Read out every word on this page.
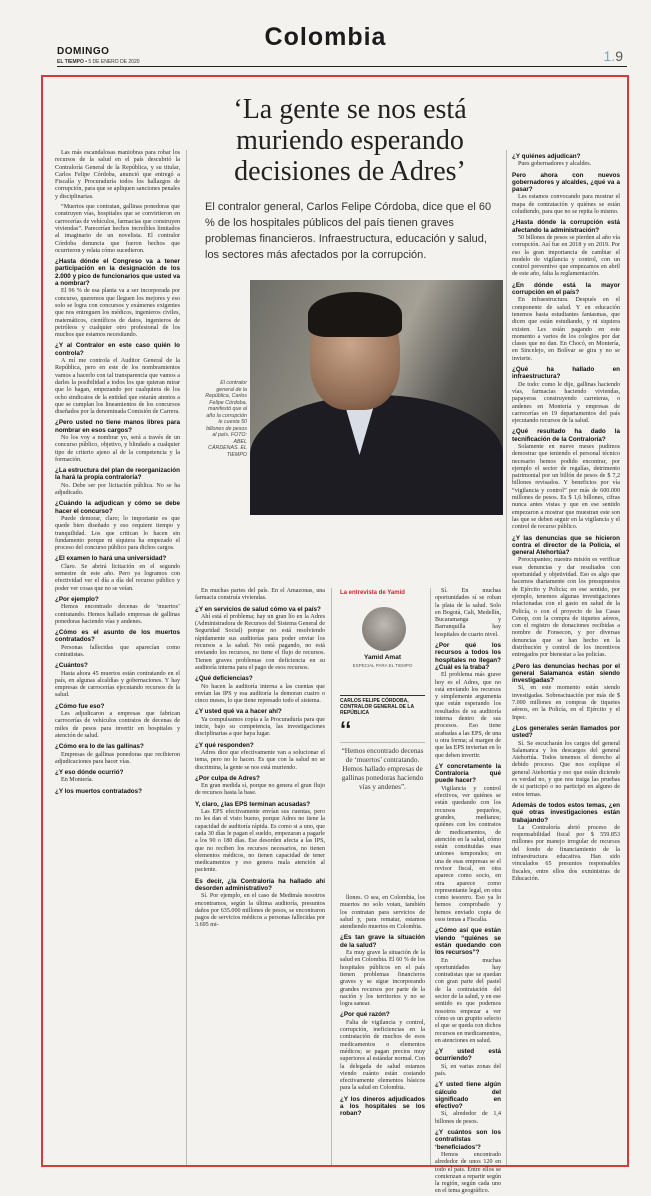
DOMINGO
EL TIEMPO • 5 DE ENERO DE 2020
Colombia
1.9
‘La gente se nos está muriendo esperando decisiones de Adres’
El contralor general, Carlos Felipe Córdoba, dice que el 60 % de los hospitales públicos del país tienen graves problemas financieros. Infraestructura, educación y salud, los sectores más afectados por la corrupción.

Las más escandalosas maniobras para robar los recursos de la salud en el país descubrió la Contraloría General de la República, y su titular, Carlos Felipe Córdoba, anunció que entregó a Fiscalía y Procuraduría todos los hallazgos de corrupción, para que se apliquen sanciones penales y disciplinarias.

“Muertos que contratan, gallinas ponedoras que construyen vías, hospitales que se convirtieron en carrocerías de vehículos, farmacias que construyen viviendas”. Parecerían hechos increíbles limitados al imaginario de un novelista. El contralor Córdoba denuncia que fueron hechos que ocurrieron y relata cómo sucedieron.

¿Hasta dónde el Congreso va a tener participación en la designación de los 2.000 y pico de funcionarios que usted va a nombrar?

El 96 % de esa planta va a ser incorporada por concurso, queremos que lleguen los mejores y eso solo se logra con concursos y exámenes exigentes que nos entreguen los médicos, ingenieros civiles, matemáticos, científicos de datos, ingenieros de petróleos y cualquier otro profesional de los muchos que estamos necesitando.

¿Y al Contralor en este caso quién lo controla?

A mí me controla el Auditor General de la República, pero en este de los nombramientos vamos a hacerlo con tal transparencia que vamos a darles la posibilidad a todos los que quieran mirar que lo hagan, empezando por cualquiera de los ocho sindicatos de la entidad que estarán atentos a que se cumplan los lineamientos de los concursos diseñados por la denominada Comisión de Carrera.

¿Pero usted no tiene manos libres para nombrar en esos cargos?

No los voy a nombrar yo, será a través de un concurso público, objetivo, y blindado a cualquier tipo de criterio ajeno al de la competencia y la formación.

¿La estructura del plan de reorganización la hará la propia contraloría?

No. Debe ser por licitación pública. No se ha adjudicado.

¿Cuándo la adjudican y cómo se debe hacer el concurso?

Puede demorar, claro; lo importante es que quede bien diseñado y eso requiere tiempo y tranquilidad. Los que critican lo hacen sin fundamento porque ni siquiera ha empezado el proceso del concurso público para dichos cargos.

¿El examen lo hará una universidad?

Claro. Se abrirá licitación en el segundo semestre de este año. Pero ya logramos con efectividad ver el día a día del recurso público y poder ver cosas que no se veían.

¿Por ejemplo?

Hemos encontrado decenas de ‘muertos’ contratando. Hemos hallado empresas de gallinas ponedoras haciendo vías y andenes.

¿Cómo es el asunto de los muertos contratados?

Personas fallecidas que aparecían como contratistas.

¿Cuántos?

Hasta ahora 45 muertos están contratando en el país, en algunas alcaldías y gobernaciones. Y hay empresas de carrocerías ejecutando recursos de la salud.

¿Cómo fue eso?

Les adjudicaron a empresas que fabrican carrocerías de vehículos contratos de decenas de miles de pesos para invertir en hospitales y atención de salud.

¿Cómo era lo de las gallinas?

Empresas de gallinas ponedoras que recibieron adjudicaciones para hacer vías.

¿Y eso dónde ocurrió?

En Montería.

¿Y los muertos contratados?

El contralor general de la República, Carlos Felipe Córdoba, manifestó que al año la corrupción le cuesta 50 billones de pesos al país. FOTO: ABEL CÁRDENAS. EL TIEMPO

En muchas partes del país. En el Amazonas, una farmacia construía viviendas.

¿Y en servicios de salud cómo va el país?

Ahí está el problema; hay un gran lío en la Adres (Administradora de Recursos del Sistema General de Seguridad Social) porque no está resolviendo rápidamente sus auditorías para poder enviar los recursos a la salud. No está pagando, no está enviando los recursos, no tiene el flujo de recursos. Tienen graves problemas con deficiencia en su auditoría interna para el pago de esos recursos.

¿Qué deficiencias?

No hacen la auditoría interna a las cuentas que envían las IPS y esa auditoría la demoran cuatro o cinco meses, lo que tiene represado todo el sistema.

¿Y usted qué va a hacer ahí?

Ya compulsamos copia a la Procuraduría para que inicie, bajo su competencia, las investigaciones disciplinarias a que haya lugar.

¿Y qué responden?

Adres dice que efectivamente van a solucionar el tema, pero no lo hacen. Es que con la salud no se discrimina, la gente se nos está muriendo.

¿Por culpa de Adres?

En gran medida sí, porque no genera el gran flujo de recursos hasta la base.

Y, claro, ¿las EPS terminan acusadas?

Las EPS efectivamente envían sus cuentas, pero no les dan el visto bueno, porque Adres no tiene la capacidad de auditoría rápida. Es como si a uno, que cada 30 días le pagan el sueldo, empezaran a pagarle a los 90 o 180 días. Ese desorden afecta a las IPS, que no reciben los recursos necesarios, no tienen elementos médicos, no tienen capacidad de tener medicamentos y eso genera mala atención al paciente.

Es decir, ¿la Contraloría ha hallado ahí desorden administrativo?

Sí. Por ejemplo, en el caso de Medimás nosotros encontramos, según la última auditoría, presuntos daños por 635.000 millones de pesos, se encontraron pagos de servicios médicos a personas fallecidas por 3.695 mi-

La entrevista de Yamid
Yamid Amat
ESPECIAL PARA EL TIEMPO
CARLOS FELIPE CÓRDOBA, CONTRALOR GENERAL DE LA REPÚBLICA
‘‘
“Hemos encontrado decenas de ‘muertos’ contratando. Hemos hallado empresas de gallinas ponedoras haciendo vías y andenes”.

llones. O sea, en Colombia, los muertos no solo votan, también los contratan para servicios de salud y, para rematar, estamos atendiendo muertos en Colombia.

¿Es tan grave la situación de la salud?

Es muy grave la situación de la salud en Colombia. El 60 % de los hospitales públicos en el país tienen problemas financieros graves y se sigue incorporando grandes recursos por parte de la nación y los territorios y no se logra sanear.

¿Por qué razón?

Falta de vigilancia y control, corrupción, ineficiencias en la contratación de muchos de esos medicamentos o elementos médicos; se pagan precios muy superiores al estándar normal. Con la delegada de salud estamos viendo cuánto están costando efectivamente elementos básicos para la salud en Colombia.

¿Y los dineros adjudicados a los hospitales se los roban?

Sí. En muchas oportunidades sí se roban la plata de la salud. Solo en Bogotá, Cali, Medellín, Bucaramanga y Barranquilla hay hospitales de cuarto nivel.

¿Por qué los recursos a todos los hospitales no llegan? ¿Cuál es la traba?

El problema más grave hoy es el Adres, que no está enviando los recursos y simplemente argumenta que están esperando los resultados de su auditoría interna dentro de sus procesos. Eso tiene acabadas a las EPS, de una u otra forma; al margen de que las EPS inviertan en lo que deben invertir.

¿Y concretamente la Contraloría qué puede hacer?

Vigilancia y control efectivos, ver quiénes se están quedando con los recursos pequeños, grandes, medianos; quiénes con los contratos de medicamentos, de atención en la salud, cómo están constituidas esas uniones temporales; en una de esas empresas se el revisor fiscal, en otra aparece como socio, en otra aparece como representante legal, en otra como tesorero. Eso ya lo hemos comprobado y hemos enviado copia de esos temas a Fiscalía.

¿Cómo así que están viendo “quiénes se están quedando con los recursos”?

En muchas oportunidades hay contratistas que se quedan con gran parte del pastel de la contratación del sector de la salud, y en ese sentido es que podemos nosotros empezar a ver cómo es un grupito selecto el que se queda con dichos recursos en medicamentos, en atenciones en salud.

¿Y usted está ocurriendo?

Sí, en varias zonas del país.

¿Y usted tiene algún cálculo del significado en efectivo?

Sí, alrededor de 1,4 billones de pesos.

¿Y cuántos son los contratistas ‘beneficiados’?

Hemos encontrado alrededor de unos 120 en todo el país. Entre ellos se comienzan a repartir según la región, según cada uno en el tema geográfico.

¿Y quiénes adjudican?

Pues gobernadores y alcaldes.

Pero ahora con nuevos gobernadores y alcaldes, ¿qué va a pasar?

Les estamos convocando para mostrar el mapa de contratación y quiénes se están coludiendo, para que no se repita lo mismo.

¿Hasta dónde la corrupción está afectando la administración?

50 billones de pesos se pierden al año vía corrupción. Así fue en 2018 y en 2019. Por eso la gran importancia de cambiar el modelo de vigilancia y control, con un control preventivo que empezamos en abril de este año, falta la reglamentación.

¿En dónde está la mayor corrupción en el país?

En infraestructura. Después en el componente de salud. Y en educación tenemos hasta estudiantes fantasmas, que dicen que están estudiando, y ni siquiera existen. Les están pagando en este momento a varios de los colegios por dar clases que no dan. En Chocó, en Montería, en Sincelejo, en Bolívar se gira y no se invierte.

¿Qué ha hallado en infraestructura?

De todo: como le dije, gallinas haciendo vías, farmacias haciendo viviendas, papayeras construyendo carreteras, o andenes en Montería y empresas de carrocerías en 19 departamentos del país ejecutando recursos de la salud.

¿Qué resultado ha dado la tecnificación de la Contraloría?

Solamente en nueve meses pudimos demostrar que teniendo el personal técnico necesario hemos podido encontrar, por ejemplo el sector de regalías, detrimento patrimonial por un billón de pesos de $ 7,2 billones revisados. Y beneficios por vía “vigilancia y control” por más de 600.000 millones de pesos. Es $ 1,6 billones, cifras nunca antes vistas y que en ese sentido empezaron a mostrar que muestran este son las que se deben seguir en la vigilancia y el control de recurso público.

¿Y las denuncias que se hicieron contra el director de la Policía, el general Atehortúa?

Preocupantes; nuestra misión es verificar esas denuncias y dar resultados con oportunidad y objetividad. Eso es algo que hacemos diariamente con los presupuestos de Ejército y Policía; en ese sentido, por ejemplo, tenemos algunas investigaciones relacionadas con el gasto en salud de la Policía, o con el proyecto de las Casas Cenop, con la compra de tiquetes aéreos, con el registro de donaciones recibidas a nombre de Fonsecon, y por diversas denuncias que se han hecho en la distribución y control de los incentivos entregados por bienestar a las policías.

¿Pero las denuncias hechas por el general Salamanca están siendo investigadas?

Sí, en este momento están siendo investigadas. Sobreactuación por más de $ 7.000 millones en compras de tiquetes aéreos, en la Policía, en el Ejército y el Inpec.

¿Los generales serán llamados por usted?

Sí. Se escucharán los cargos del general Salamanca y los descargos del general Atehortúa. Todos tenemos el derecho al debido proceso. Que nos explique el general Atehortúa y eso que están diciendo es verdad no, y que nos traiga las pruebas de si participó o no participó en alguno de estos temas.

Además de todos estos temas, ¿en qué otras investigaciones están trabajando?

La Contraloría abrió proceso de responsabilidad fiscal por $ 559.853 millones por manejo irregular de recursos del fondo de financiamiento de la infraestructura educativa. Han sido vinculados 65 presuntos responsables fiscales, entre ellos dos exministras de Educación.
